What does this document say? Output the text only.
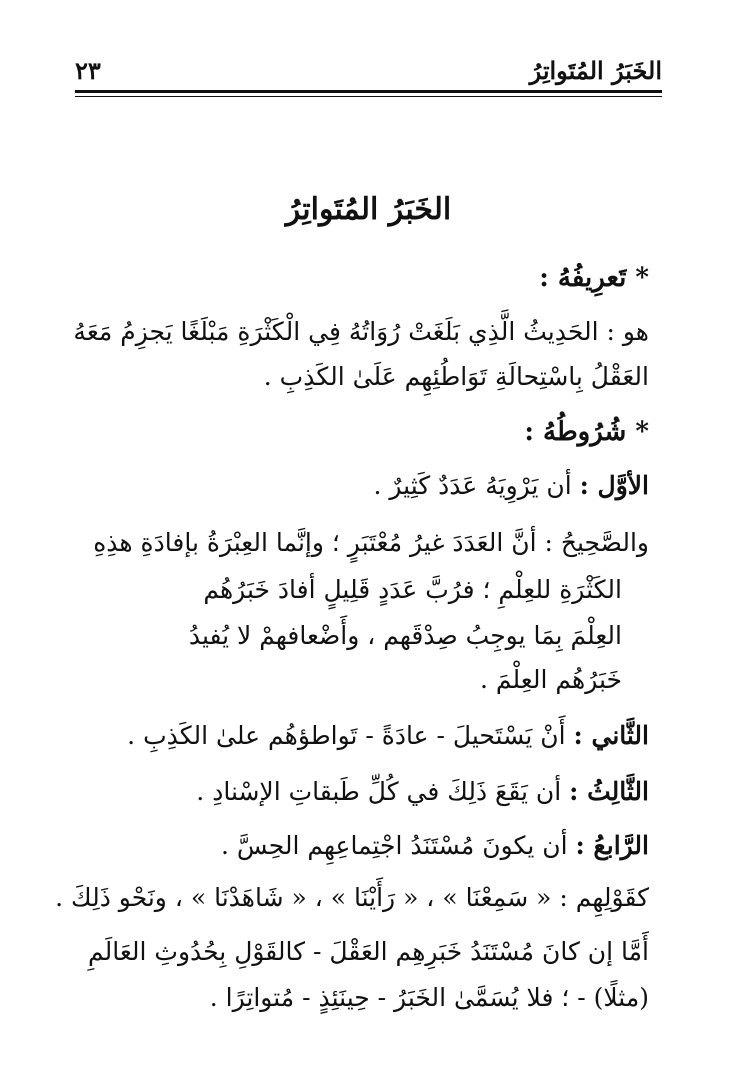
الخَبَرُ المُتَواتِرُ
٢٣
الخَبَرُ المُتَواتِرُ
* تَعرِيفُهُ :
هو : الحَدِيثُ الَّذِي بَلَغَتْ رُوَاتُهُ فِي الْكَثْرَةِ مَبْلَغًا يَجزِمُ مَعَهُ
العَقْلُ بِاسْتِحالَةِ تَوَاطُئِهِم عَلَىٰ الكَذِبِ .
* شُرُوطُهُ :
الأوَّل : أن يَرْوِيَهُ عَدَدٌ كَثِيرٌ .
والصَّحِيحُ : أنَّ العَدَدَ غيرُ مُعْتَبَرٍ ؛ وإنَّما العِبْرَةُ بإفادَةِ هذِهِ
الكَثْرَةِ للعِلْمِ ؛ فرُبَّ عَدَدٍ قَلِيلٍ أفادَ خَبَرُهُم
العِلْمَ بِمَا يوجِبُ صِدْقَهم ، وأَضْعافهمْ لا يُفيدُ
خَبَرُهُم العِلْمَ .
الثَّاني : أَنْ يَسْتَحيلَ - عادَةً - تَواطؤهُم علىٰ الكَذِبِ .
الثَّالِثُ : أن يَقَعَ ذَلِكَ في كُلِّ طَبقاتِ الإسْنادِ .
الرَّابعُ : أن يكونَ مُسْتَنَدُ اجْتِماعِهِم الحِسَّ .
كقَوْلِهِم : « سَمِعْنَا » ، « رَأَيْنَا » ، « شَاهَدْنَا » ، ونَحْو ذَلِكَ .
أَمَّا إن كانَ مُسْتَنَدُ خَبَرِهِم العَقْلَ - كالقَوْلِ بِحُدُوثِ العَالَمِ
(مثلًا) - ؛ فلا يُسَمَّىٰ الخَبَرُ - حِينَئِذٍ - مُتواتِرًا .
